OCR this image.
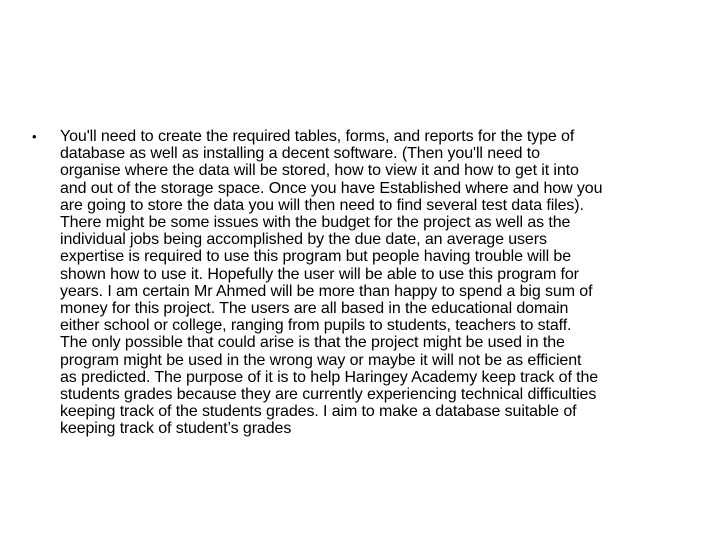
•	You'll need to create the required tables, forms, and reports for the type of
database as well as installing a decent software. (Then you'll need to
organise where the data will be stored, how to view it and how to get it into
and out of the storage space. Once you have Established where and how you
are going to store the data you will then need to find several test data files).
There might be some issues with the budget for the project as well as the
individual jobs being accomplished by the due date, an average users
expertise is required to use this program but people having trouble will be
shown how to use it. Hopefully the user will be able to use this program for
years. I am certain Mr Ahmed will be more than happy to spend a big sum of
money for this project. The users are all based in the educational domain
either school or college, ranging from pupils to students, teachers to staff.
The only possible that could arise is that the project might be used in the
program might be used in the wrong way or maybe it will not be as efficient
as predicted. The purpose of it is to help Haringey Academy keep track of the
students grades because they are currently experiencing technical difficulties
keeping track of the students grades. I aim to make a database suitable of
keeping track of student’s grades
